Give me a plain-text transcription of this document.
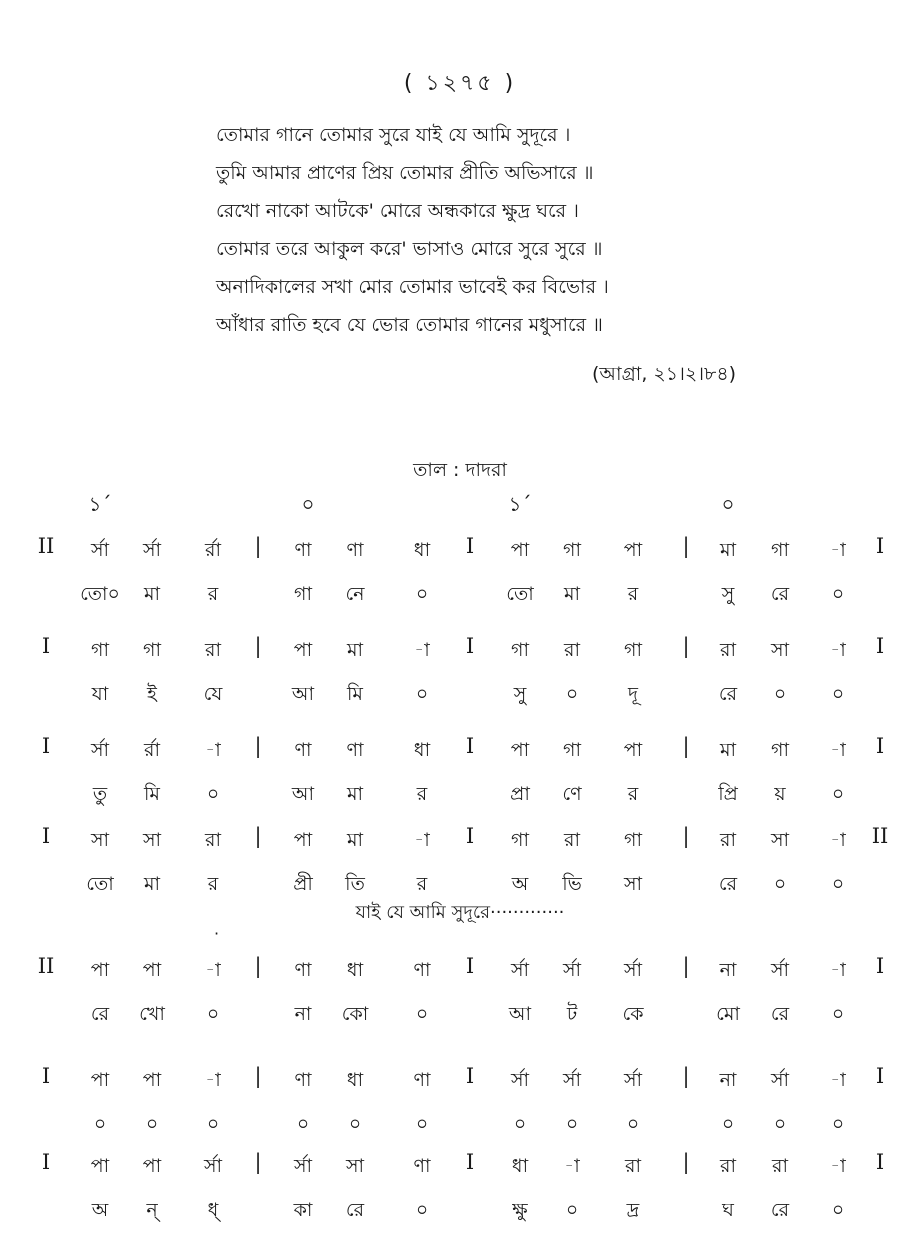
( ১২৭৫ )
তোমার গানে তোমার সুরে যাই যে আমি সুদূরে ।
তুমি আমার প্রাণের প্রিয় তোমার প্রীতি অভিসারে ॥
রেখো নাকো আটকে' মোরে অন্ধকারে ক্ষুদ্র ঘরে ।
তোমার তরে আকুল করে' ভাসাও মোরে সুরে সুরে ॥
অনাদিকালের সখা মোর তোমার ভাবেই কর বিভোর ।
আঁধার রাতি হবে যে ভোর তোমার গানের মধুসারে ॥
(আগ্রা, ২১।২।৮৪)
তাল : দাদরা
১´	০	১´	০
II	|	I	|	I
র্সা র্সা র্রা	ণা ণা	ধা	পা গা পা	মা গা -া
তো০ মা	র	গা নে	০	তো মা	র	সু রে ০
I	|	I	|	I
গা গা রা	পা মা	-া	গা রা গা	রা সা -া
যা ই যে	আ মি	০	সু ০	দূ	রে ০ ০
I	|	I	|	I
র্সা র্রা -া	ণা ণা	ধা	পা গা পা	মা গা -া
তু মি ০	আ মা	র	প্রা ণে র	প্রি য় ০
I	|	I	|	II
সা সা রা	পা মা	-া	গা রা গা	রা সা -া
তো মা	র	প্রী তি	র	অ ভি সা	রে ০ ০
II	|	I	|	I
পা পা -া	ণা ধা	ণা	র্সা র্সা র্সা	না র্সা -া
রে খো ০	না কো	০	আ ট কে	মো রে ০
I	|	I	|	I
পা পা -া	ণা ধা	ণা	র্সা র্সা র্সা	না র্সা -া
০ ০	০	০ ০	০	০ ০	০	০ ০ ০
I	|	I	|	I
পা পা র্সা	র্সা সা	ণা	ধা -া রা	রা রা -া
অ ন্	ধ্	কা রে	০	ক্ষু ০	দ্র	ঘ রে ০
যাই যে আমি সুদূরে·············
·
